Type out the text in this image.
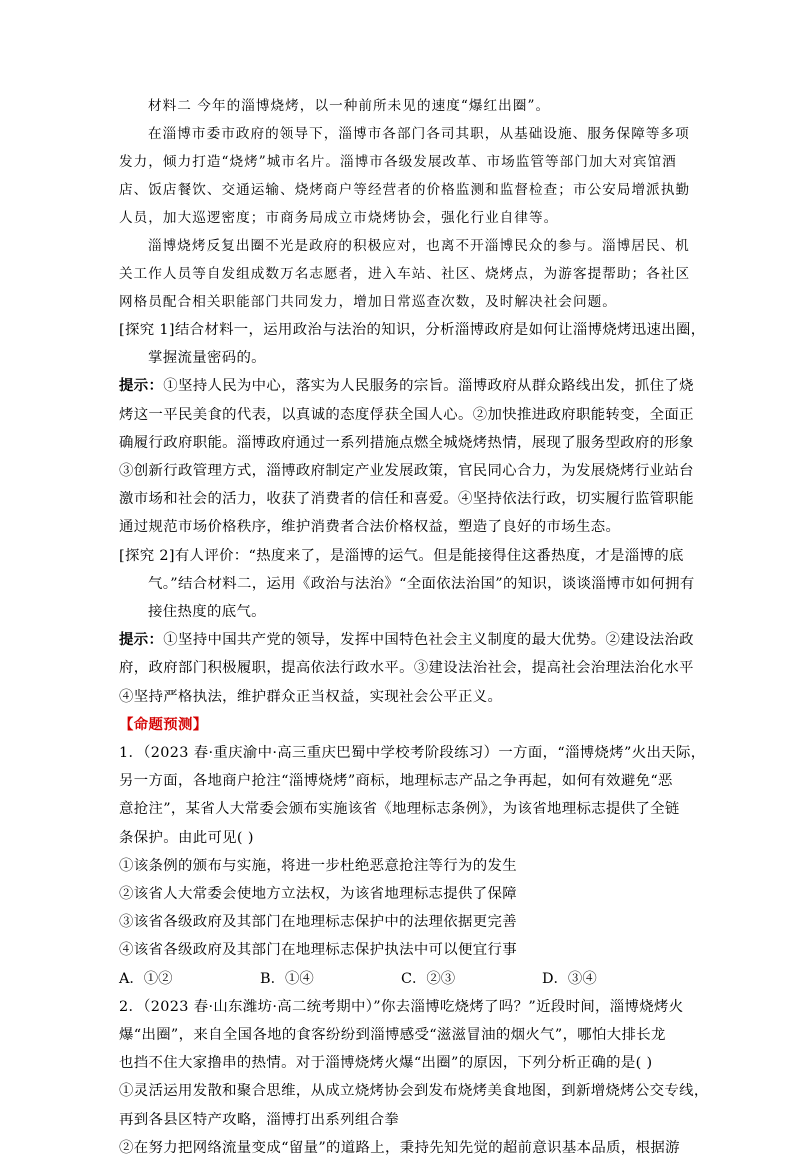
材料二 今年的淄博烧烤，以一种前所未见的速度“爆红出圈”。
在淄博市委市政府的领导下，淄博市各部门各司其职，从基础设施、服务保障等多项
发力，倾力打造“烧烤”城市名片。淄博市各级发展改革、市场监管等部门加大对宾馆酒
店、饭店餐饮、交通运输、烧烤商户等经营者的价格监测和监督检查；市公安局增派执勤
人员，加大巡逻密度；市商务局成立市烧烤协会，强化行业自律等。
淄博烧烤反复出圈不光是政府的积极应对，也离不开淄博民众的参与。淄博居民、机
关工作人员等自发组成数万名志愿者，进入车站、社区、烧烤点，为游客提帮助；各社区
网格员配合相关职能部门共同发力，增加日常巡查次数，及时解决社会问题。
[探究 1]结合材料一，运用政治与法治的知识，分析淄博政府是如何让淄博烧烤迅速出圈，
掌握流量密码的。
提示：①坚持人民为中心，落实为人民服务的宗旨。淄博政府从群众路线出发，抓住了烧
烤这一平民美食的代表，以真诚的态度俘获全国人心。②加快推进政府职能转变，全面正
确履行政府职能。淄博政府通过一系列措施点燃全城烧烤热情，展现了服务型政府的形象
③创新行政管理方式，淄博政府制定产业发展政策，官民同心合力，为发展烧烤行业站台
激市场和社会的活力，收获了消费者的信任和喜爱。④坚持依法行政，切实履行监管职能
通过规范市场价格秩序，维护消费者合法价格权益，塑造了良好的市场生态。
[探究 2]有人评价：“热度来了，是淄博的运气。但是能接得住这番热度，才是淄博的底
气。”结合材料二，运用《政治与法治》“全面依法治国”的知识，谈谈淄博市如何拥有
接住热度的底气。
提示：①坚持中国共产党的领导，发挥中国特色社会主义制度的最大优势。②建设法治政
府，政府部门积极履职，提高依法行政水平。③建设法治社会，提高社会治理法治化水平
④坚持严格执法，维护群众正当权益，实现社会公平正义。
【命题预测】
1．（2023 春·重庆渝中·高三重庆巴蜀中学校考阶段练习）一方面，“淄博烧烤”火出天际，
另一方面，各地商户抢注“淄博烧烤”商标，地理标志产品之争再起，如何有效避免“恶
意抢注”，某省人大常委会颁布实施该省《地理标志条例》，为该省地理标志提供了全链
条保护。由此可见( )
①该条例的颁布与实施，将进一步杜绝恶意抢注等行为的发生
②该省人大常委会使地方立法权，为该省地理标志提供了保障
③该省各级政府及其部门在地理标志保护中的法理依据更完善
④该省各级政府及其部门在地理标志保护执法中可以便宜行事
A．①②	B．①④	C．②③	D．③④
2．（2023 春·山东潍坊·高二统考期中）”你去淄博吃烧烤了吗？”近段时间，淄博烧烤火
爆“出圈”，来自全国各地的食客纷纷到淄博感受“滋滋冒油的烟火气”，哪怕大排长龙
也挡不住大家撸串的热情。对于淄博烧烤火爆“出圈”的原因，下列分析正确的是( )
①灵活运用发散和聚合思维，从成立烧烤协会到发布烧烤美食地图，到新增烧烤公交专线，
再到各县区特产攻略，淄博打出系列组合拳
②在努力把网络流量变成“留量”的道路上，秉持先知先觉的超前意识基本品质，根据游
